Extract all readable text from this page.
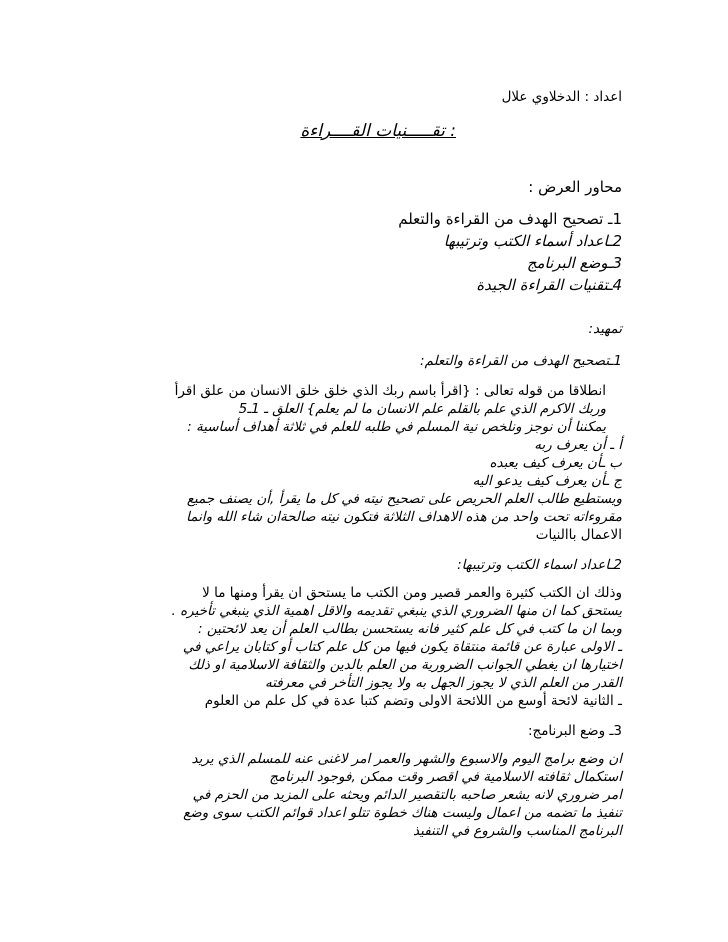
اعداد : الدخلاوي علال
: تقـــــنيات القــــراءة
محاور العرض :
1ـ تصحيح الهدف من القراءة والتعلم
2ـاعداد أسماء الكتب وترتيبها
3ـوضع البرنامج
4ـتقنيات القراءة الجيدة
تمهيد:
1ـتصحيح الهدف من القراءة والتعلم:
انطلاقا من قوله تعالى : {اقرأ باسم ربك الذي خلق خلق الانسان من علق اقرأ
وربك الاكرم الذي علم بالقلم علم الانسان ما لم يعلم} العلق ـ 1ـ5
يمكننا أن نوجز ونلخص نية المسلم في طلبه للعلم في ثلاثة أهداف أساسية :
أ ـ أن يعرف ربه
ب ـأن يعرف كيف يعبده
ج ـأن يعرف كيف يدعو اليه
ويستطيع طالب العلم الحريص على تصحيح نيته في كل ما يقرأ ,أن يصنف جميع
مقروءاته تحت واحد من هذه الاهداف الثلاثة فتكون نيته صالحةان شاء الله وانما
الاعمال باالنيات
2ـاعداد اسماء الكتب وترتيبها:
وذلك ان الكتب كثيرة والعمر قصير ومن الكتب ما يستحق ان يقرأ ومنها ما لا
يستحق كما ان منها الضروري الذي ينبغي تقديمه والاقل اهمية الذي ينبغي تأخيره .
وبما ان ما كتب في كل علم كثير فانه يستحسن بطالب العلم أن يعد لائحتين :
ـ الاولى عبارة عن قائمة منتقاة يكون فيها من كل علم كتاب أو كتابان يراعي في
اختيارها ان يغطي الجوانب الضرورية من العلم بالدين والثقافة الاسلامية او ذلك
القدر من العلم الذي لا يجوز الجهل به ولا يجوز التأخر في معرفته
ـ الثانية لائحة أوسع من اللائحة الاولى وتضم كتبا عدة في كل علم من العلوم
3ـ وضع البرنامج:
ان وضع برامج اليوم والاسبوع والشهر والعمر امر لاغنى عنه للمسلم الذي يريد
استكمال ثقافته الاسلامية في اقصر وقت ممكن ,فوجود البرنامج
امر ضروري لانه يشعر صاحبه بالتقصير الدائم ويحثه على المزيد من الحزم في
تنفيذ ما تضمه من اعمال وليست هناك خطوة تتلو اعداد قوائم الكتب سوى وضع
البرنامج المناسب والشروع في التنفيذ
